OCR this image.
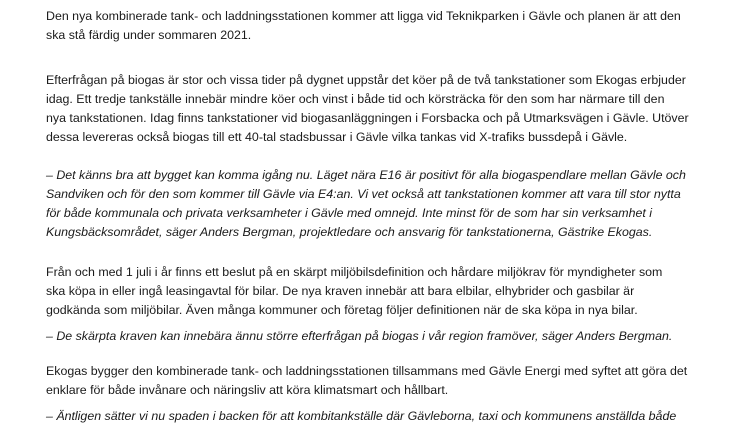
Den nya kombinerade tank- och laddningsstationen kommer att ligga vid Teknikparken i Gävle och planen är att den
ska stå färdig under sommaren 2021.

Efterfrågan på biogas är stor och vissa tider på dygnet uppstår det köer på de två tankstationer som Ekogas erbjuder
idag. Ett tredje tankställe innebär mindre köer och vinst i både tid och körsträcka för den som har närmare till den
nya tankstationen. Idag finns tankstationer vid biogasanläggningen i Forsbacka och på Utmarksvägen i Gävle. Utöver
dessa levereras också biogas till ett 40-tal stadsbussar i Gävle vilka tankas vid X-trafiks bussdepå i Gävle.

– Det känns bra att bygget kan komma igång nu. Läget nära E16 är positivt för alla biogaspendlare mellan Gävle och
Sandviken och för den som kommer till Gävle via E4:an. Vi vet också att tankstationen kommer att vara till stor nytta
för både kommunala och privata verksamheter i Gävle med omnejd. Inte minst för de som har sin verksamhet i
Kungsbäcksområdet, säger Anders Bergman, projektledare och ansvarig för tankstationerna, Gästrike Ekogas.

Från och med 1 juli i år finns ett beslut på en skärpt miljöbilsdefinition och hårdare miljökrav för myndigheter som
ska köpa in eller ingå leasingavtal för bilar. De nya kraven innebär att bara elbilar, elhybrider och gasbilar är
godkända som miljöbilar. Även många kommuner och företag följer definitionen när de ska köpa in nya bilar.

– De skärpta kraven kan innebära ännu större efterfrågan på biogas i vår region framöver, säger Anders Bergman.

Ekogas bygger den kombinerade tank- och laddningsstationen tillsammans med Gävle Energi med syftet att göra det
enklare för både invånare och näringsliv att köra klimatsmart och hållbart.

– Äntligen sätter vi nu spaden i backen för att kombitankställe där Gävleborna, taxi och kommunens anställda både
